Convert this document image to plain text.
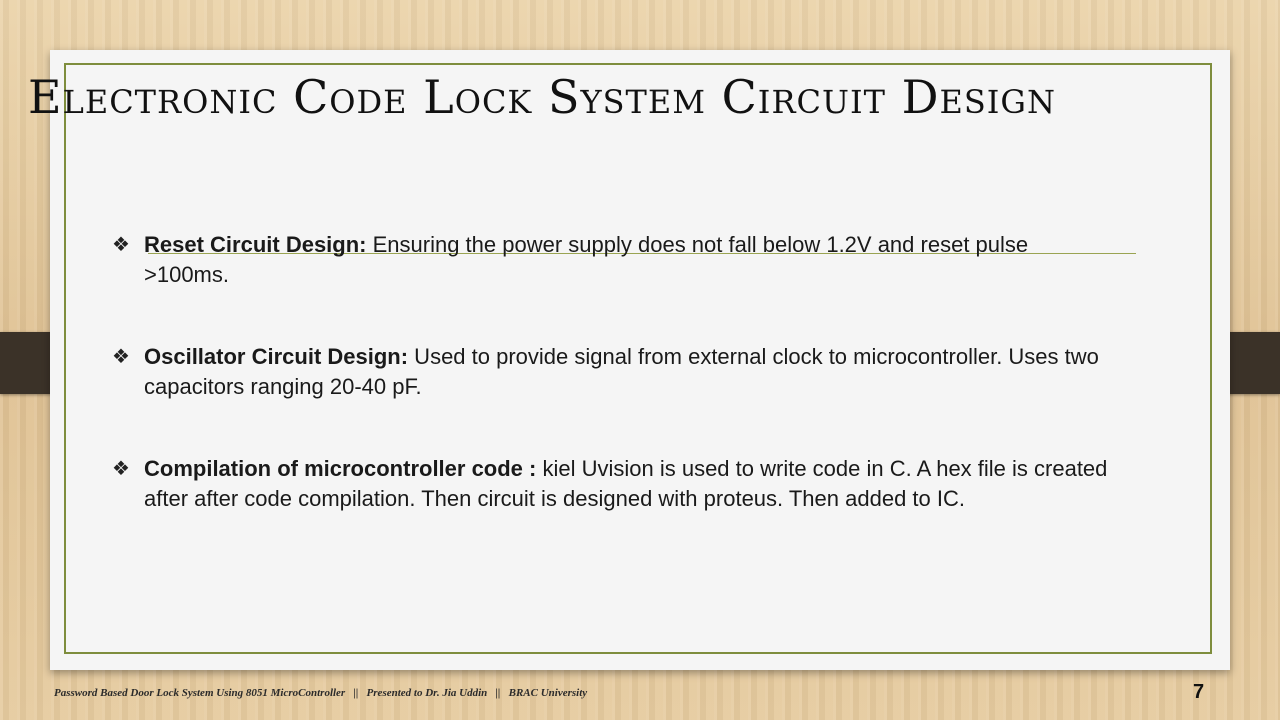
Electronic Code Lock System Circuit Design
❖ Reset Circuit Design: Ensuring the power supply does not fall below 1.2V and reset pulse >100ms.
❖ Oscillator Circuit Design: Used to provide signal from external clock to microcontroller. Uses two capacitors ranging 20-40 pF.
❖ Compilation of microcontroller code : kiel Uvision is used to write code in C. A hex file is created after after code compilation. Then circuit is designed with proteus. Then added to IC.
Password Based Door Lock System Using 8051 MicroController   ||   Presented to Dr. Jia Uddin   ||   BRAC University	7
